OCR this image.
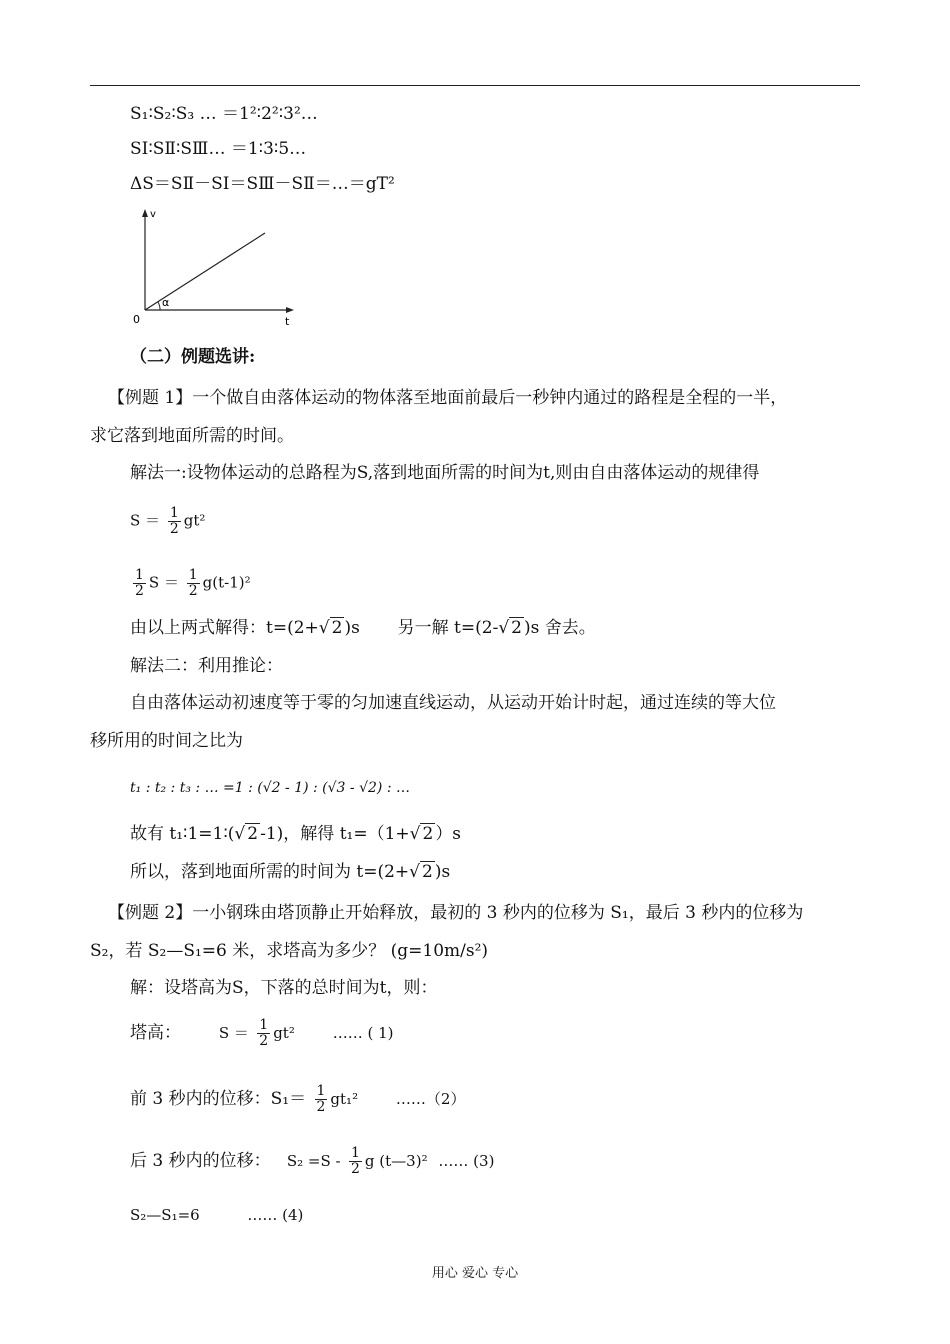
S₁∶S₂∶S₃ … ＝1²∶2²∶3²…
SⅠ∶SⅡ∶SⅢ… ＝1∶3∶5…
ΔS＝SⅡ－SⅠ＝SⅢ－SⅡ＝…＝gT²
v
t
0
α
（二）例题选讲:
【例题 1】一个做自由落体运动的物体落至地面前最后一秒钟内通过的路程是全程的一半，
求它落到地面所需的时间。
解法一:设物体运动的总路程为S,落到地面所需的时间为t,则由自由落体运动的规律得
$S = \frac{1}{2} gt^2$
$\frac{1}{2}$ $S = \frac{1}{2} g(t-1)^2$
由以上两式解得：t=(2+√ 2 )s 另一解 t=(2-√ 2 )s 舍去。
解法二：利用推论：
自由落体运动初速度等于零的匀加速直线运动，从运动开始计时起，通过连续的等大位
移所用的时间之比为
t₁ : t₂ : t₃ : … =1 : (√2 - 1) : (√3 - √2) : …
故有 t₁∶1=1∶(√ 2 -1)，解得 t₁=（1+√ 2 ）s
所以，落到地面所需的时间为 t=(2+√ 2 )s
【例题 2】一小钢珠由塔顶静止开始释放，最初的 3 秒内的位移为 S₁，最后 3 秒内的位移为
S₂，若 S₂—S₁=6 米，求塔高为多少？ (g=10m/s²)
解：设塔高为S，下落的总时间为t，则：
塔高：	$S = \frac{1}{2} gt^2$	…… ( 1)
前 3 秒内的位移：$S_1= \frac{1}{2} gt_1^2$	……（2）
后 3 秒内的位移： $S_2 =S - \frac{1}{2}$ g (t—3)² …… (3)
S₂—S₁=6	…… (4)
用心 爱心 专心
